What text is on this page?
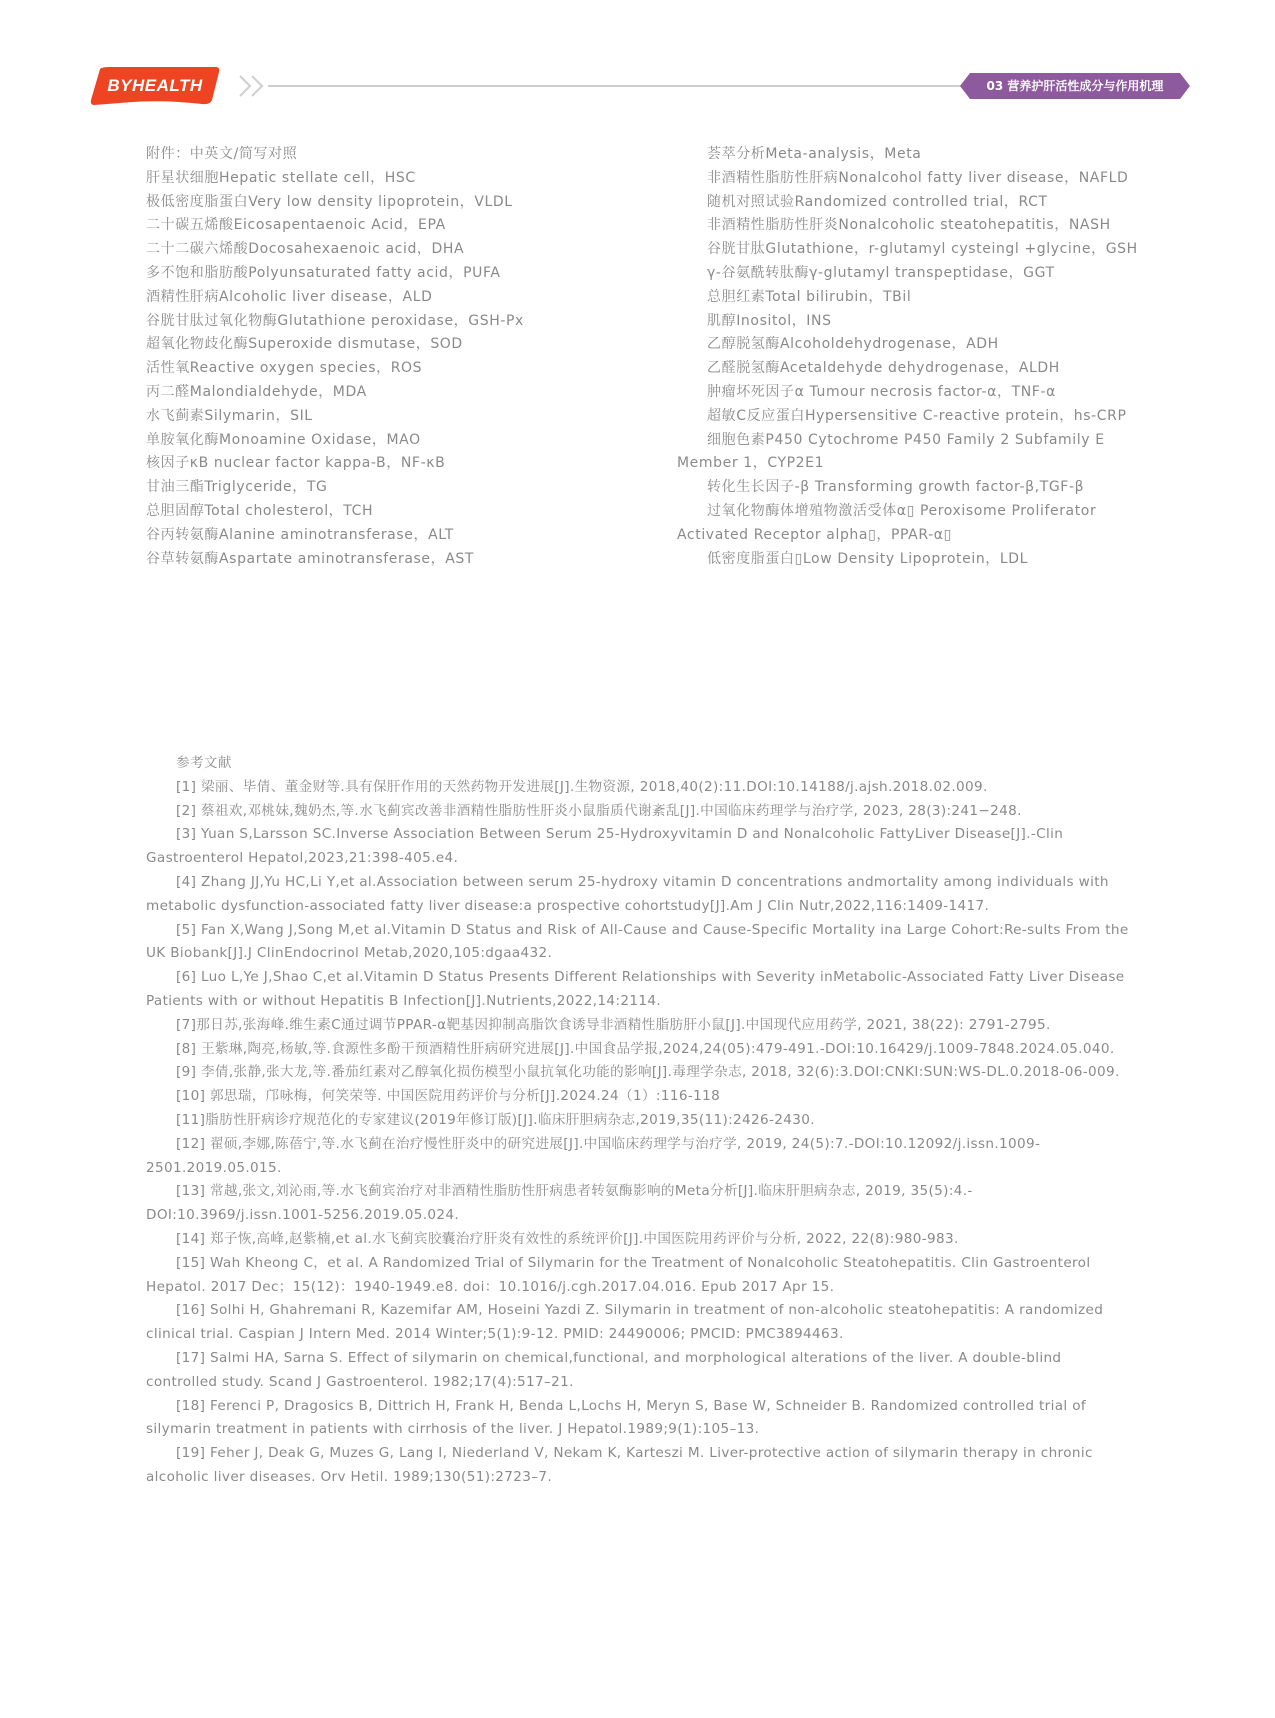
BYHEALTH	03 营养护肝活性成分与作用机理
附件：中英文/简写对照
肝星状细胞Hepatic stellate cell，HSC
极低密度脂蛋白Very low density lipoprotein，VLDL
二十碳五烯酸Eicosapentaenoic Acid，EPA
二十二碳六烯酸Docosahexaenoic acid，DHA
多不饱和脂肪酸Polyunsaturated fatty acid，PUFA
酒精性肝病Alcoholic liver disease，ALD
谷胱甘肽过氧化物酶Glutathione peroxidase，GSH-Px
超氧化物歧化酶Superoxide dismutase，SOD
活性氧Reactive oxygen species，ROS
丙二醛Malondialdehyde，MDA
水飞蓟素Silymarin，SIL
单胺氧化酶Monoamine Oxidase，MAO
核因子κB nuclear factor kappa-B，NF-κB
甘油三酯Triglyceride，TG
总胆固醇Total cholesterol，TCH
谷丙转氨酶Alanine aminotransferase，ALT
谷草转氨酶Aspartate aminotransferase，AST
荟萃分析Meta-analysis，Meta
非酒精性脂肪性肝病Nonalcohol fatty liver disease，NAFLD
随机对照试验Randomized controlled trial，RCT
非酒精性脂肪性肝炎Nonalcoholic steatohepatitis，NASH
谷胱甘肽Glutathione，r-glutamyl cysteingl +glycine，GSH
γ-谷氨酰转肽酶γ-glutamyl transpeptidase，GGT
总胆红素Total bilirubin，TBil
肌醇Inositol，INS
乙醇脱氢酶Alcoholdehydrogenase，ADH
乙醛脱氢酶Acetaldehyde dehydrogenase，ALDH
肿瘤坏死因子α Tumour necrosis factor-α，TNF-α
超敏C反应蛋白Hypersensitive C-reactive protein，hs-CRP
细胞色素P450 Cytochrome P450 Family 2 Subfamily E Member 1，CYP2E1
转化生长因子-β Transforming growth factor-β,TGF-β
过氧化物酶体增殖物激活受体α▯ Peroxisome Proliferator Activated Receptor alpha▯，PPAR-α▯
低密度脂蛋白▯Low Density Lipoprotein，LDL
参考文献
[1] 梁丽、毕倩、董金财等.具有保肝作用的天然药物开发进展[J].生物资源, 2018,40(2):11.DOI:10.14188/j.ajsh.2018.02.009.
[2] 蔡祖欢,邓桃妹,魏奶杰,等.水飞蓟宾改善非酒精性脂肪性肝炎小鼠脂质代谢紊乱[J].中国临床药理学与治疗学, 2023, 28(3):241−248.
[3] Yuan S,Larsson SC.Inverse Association Between Serum 25-Hydroxyvitamin D and Nonalcoholic FattyLiver Disease[J].-Clin Gastroenterol Hepatol,2023,21:398-405.e4.
[4] Zhang JJ,Yu HC,Li Y,et al.Association between serum 25-hydroxy vitamin D concentrations andmortality among individuals with metabolic dysfunction-associated fatty liver disease:a prospective cohortstudy[J].Am J Clin Nutr,2022,116:1409-1417.
[5] Fan X,Wang J,Song M,et al.Vitamin D Status and Risk of All-Cause and Cause-Specific Mortality ina Large Cohort:Re-sults From the UK Biobank[J].J ClinEndocrinol Metab,2020,105:dgaa432.
[6] Luo L,Ye J,Shao C,et al.Vitamin D Status Presents Different Relationships with Severity inMetabolic-Associated Fatty Liver Disease Patients with or without Hepatitis B Infection[J].Nutrients,2022,14:2114.
[7]那日苏,张海峰.维生素C通过调节PPAR-α靶基因抑制高脂饮食诱导非酒精性脂肪肝小鼠[J].中国现代应用药学, 2021, 38(22): 2791-2795.
[8] 王紫琳,陶亮,杨敏,等.食源性多酚干预酒精性肝病研究进展[J].中国食品学报,2024,24(05):479-491.-DOI:10.16429/j.1009-7848.2024.05.040.
[9] 李倩,张静,张大龙,等.番茄红素对乙醇氧化损伤模型小鼠抗氧化功能的影响[J].毒理学杂志, 2018, 32(6):3.DOI:CNKI:SUN:WS-DL.0.2018-06-009.
[10] 郭思瑞，邝咏梅，何笑荣等. 中国医院用药评价与分析[J].2024.24（1）:116-118
[11]脂肪性肝病诊疗规范化的专家建议(2019年修订版)[J].临床肝胆病杂志,2019,35(11):2426-2430.
[12] 翟硕,李娜,陈蓓宁,等.水飞蓟在治疗慢性肝炎中的研究进展[J].中国临床药理学与治疗学, 2019, 24(5):7.-DOI:10.12092/j.issn.1009-2501.2019.05.015.
[13] 常越,张文,刘沁雨,等.水飞蓟宾治疗对非酒精性脂肪性肝病患者转氨酶影响的Meta分析[J].临床肝胆病杂志, 2019, 35(5):4.-DOI:10.3969/j.issn.1001-5256.2019.05.024.
[14] 郑子恢,高峰,赵紫楠,et al.水飞蓟宾胶囊治疗肝炎有效性的系统评价[J].中国医院用药评价与分析, 2022, 22(8):980-983.
[15] Wah Kheong C，et al. A Randomized Trial of Silymarin for the Treatment of Nonalcoholic Steatohepatitis. Clin Gastroenterol Hepatol. 2017 Dec；15(12)：1940-1949.e8. doi：10.1016/j.cgh.2017.04.016. Epub 2017 Apr 15.
[16] Solhi H, Ghahremani R, Kazemifar AM, Hoseini Yazdi Z. Silymarin in treatment of non-alcoholic steatohepatitis: A randomized clinical trial. Caspian J Intern Med. 2014 Winter;5(1):9-12. PMID: 24490006; PMCID: PMC3894463.
[17] Salmi HA, Sarna S. Effect of silymarin on chemical,functional, and morphological alterations of the liver. A double-blind controlled study. Scand J Gastroenterol. 1982;17(4):517–21.
[18] Ferenci P, Dragosics B, Dittrich H, Frank H, Benda L,Lochs H, Meryn S, Base W, Schneider B. Randomized controlled trial of silymarin treatment in patients with cirrhosis of the liver. J Hepatol.1989;9(1):105–13.
[19] Feher J, Deak G, Muzes G, Lang I, Niederland V, Nekam K, Karteszi M. Liver-protective action of silymarin therapy in chronic alcoholic liver diseases. Orv Hetil. 1989;130(51):2723–7.
